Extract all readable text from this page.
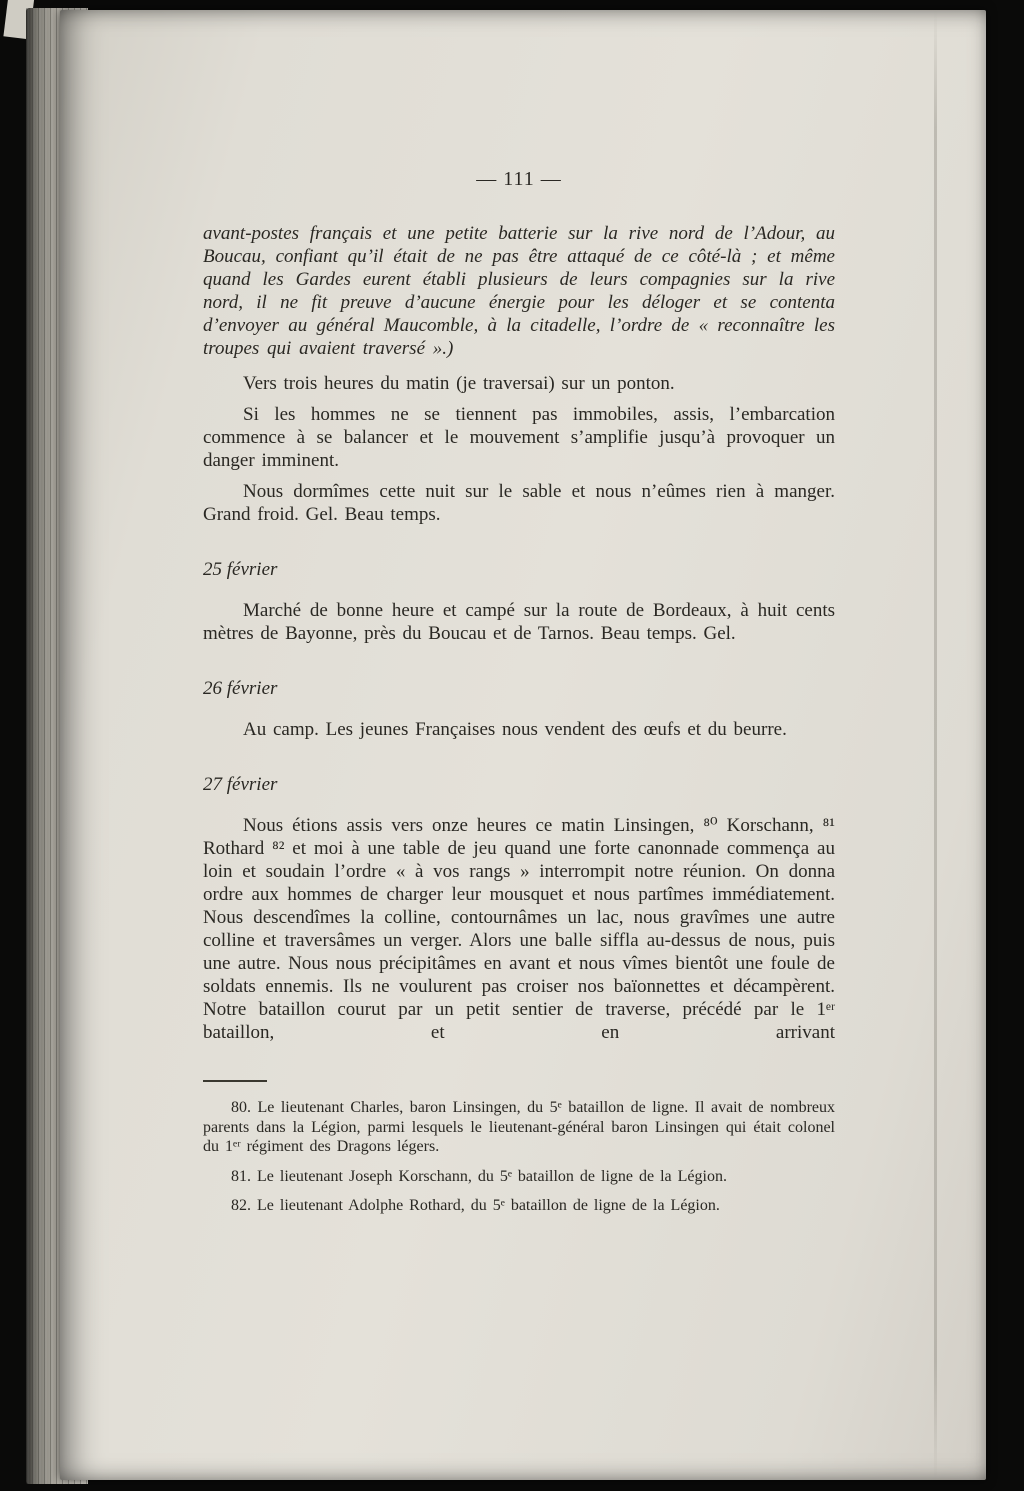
— 111 —

avant-postes français et une petite batterie sur la rive nord de l’Adour, au Boucau, confiant qu’il était de ne pas être attaqué de ce côté-là ; et même quand les Gardes eurent établi plusieurs de leurs compagnies sur la rive nord, il ne fit preuve d’aucune énergie pour les déloger et se contenta d’envoyer au général Maucomble, à la citadelle, l’ordre de « reconnaître les troupes qui avaient traversé ».)

Vers trois heures du matin (je traversai) sur un ponton.

Si les hommes ne se tiennent pas immobiles, assis, l’embarcation commence à se balancer et le mouvement s’amplifie jusqu’à provoquer un danger imminent.

Nous dormîmes cette nuit sur le sable et nous n’eûmes rien à manger. Grand froid. Gel. Beau temps.

25 février

Marché de bonne heure et campé sur la route de Bordeaux, à huit cents mètres de Bayonne, près du Boucau et de Tarnos. Beau temps. Gel.

26 février

Au camp. Les jeunes Françaises nous vendent des œufs et du beurre.

27 février

Nous étions assis vers onze heures ce matin Linsingen, ⁸⁰ Korschann, ⁸¹ Rothard ⁸² et moi à une table de jeu quand une forte canonnade commença au loin et soudain l’ordre « à vos rangs » interrompit notre réunion. On donna ordre aux hommes de charger leur mousquet et nous partîmes immédiatement. Nous descendîmes la colline, contournâmes un lac, nous gravîmes une autre colline et traversâmes un verger. Alors une balle siffla au-dessus de nous, puis une autre. Nous nous précipitâmes en avant et nous vîmes bientôt une foule de soldats ennemis. Ils ne voulurent pas croiser nos baïonnettes et décampèrent. Notre bataillon courut par un petit sentier de traverse, précédé par le 1ᵉʳ bataillon, et en arrivant

80. Le lieutenant Charles, baron Linsingen, du 5ᵉ bataillon de ligne. Il avait de nombreux parents dans la Légion, parmi lesquels le lieutenant-général baron Linsingen qui était colonel du 1ᵉʳ régiment des Dragons légers.

81. Le lieutenant Joseph Korschann, du 5ᵉ bataillon de ligne de la Légion.

82. Le lieutenant Adolphe Rothard, du 5ᵉ bataillon de ligne de la Légion.
